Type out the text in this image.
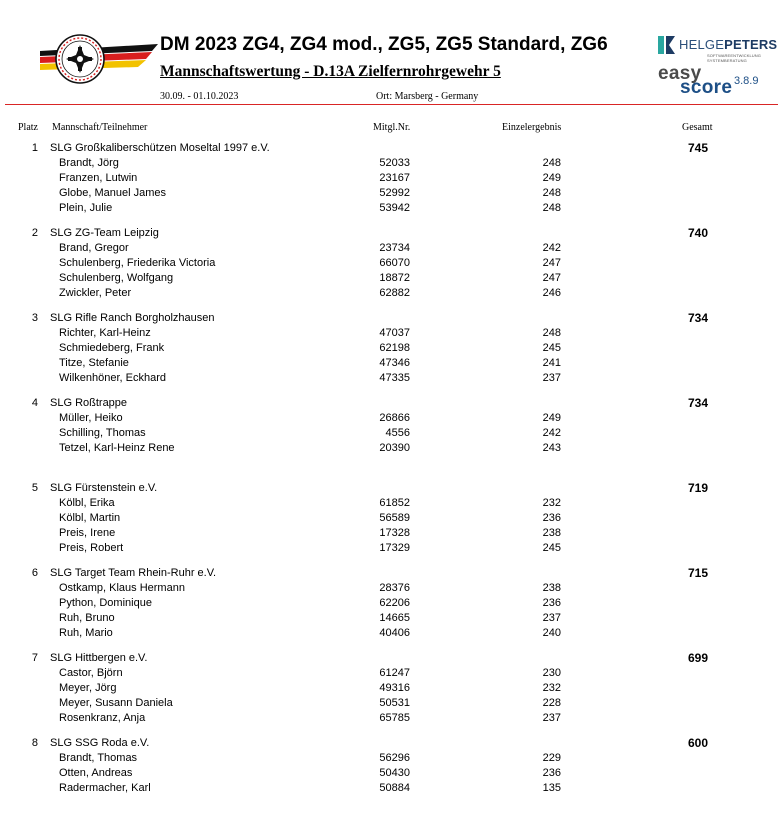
DM 2023 ZG4, ZG4 mod., ZG5, ZG5 Standard, ZG6
Mannschaftswertung - D.13A Zielfernrohrgewehr 5
30.09. - 01.10.2023	Ort: Marsberg - Germany
HELGEPETERS
SOFTWAREENTWICKLUNG
SYSTEMBERATUNG
easy
score 3.8.9
Platz Mannschaft/Teilnehmer	Mitgl.Nr.	Einzelergebnis	Gesamt
1 SLG Großkaliberschützen Moseltal 1997 e.V.	745
Brandt, Jörg	52033	248
Franzen, Lutwin	23167	249
Globe, Manuel James	52992	248
Plein, Julie	53942	248
2 SLG ZG-Team Leipzig	740
Brand, Gregor	23734	242
Schulenberg, Friederika Victoria	66070	247
Schulenberg, Wolfgang	18872	247
Zwickler, Peter	62882	246
3 SLG Rifle Ranch Borgholzhausen	734
Richter, Karl-Heinz	47037	248
Schmiedeberg, Frank	62198	245
Titze, Stefanie	47346	241
Wilkenhöner, Eckhard	47335	237
4 SLG Roßtrappe	734
Müller, Heiko	26866	249
Schilling, Thomas	4556	242
Tetzel, Karl-Heinz Rene	20390	243
5 SLG Fürstenstein e.V.	719
Kölbl, Erika	61852	232
Kölbl, Martin	56589	236
Preis, Irene	17328	238
Preis, Robert	17329	245
6 SLG Target Team Rhein-Ruhr e.V.	715
Ostkamp, Klaus Hermann	28376	238
Python, Dominique	62206	236
Ruh, Bruno	14665	237
Ruh, Mario	40406	240
7 SLG Hittbergen e.V.	699
Castor, Björn	61247	230
Meyer, Jörg	49316	232
Meyer, Susann Daniela	50531	228
Rosenkranz, Anja	65785	237
8 SLG SSG Roda e.V.	600
Brandt, Thomas	56296	229
Otten, Andreas	50430	236
Radermacher, Karl	50884	135
